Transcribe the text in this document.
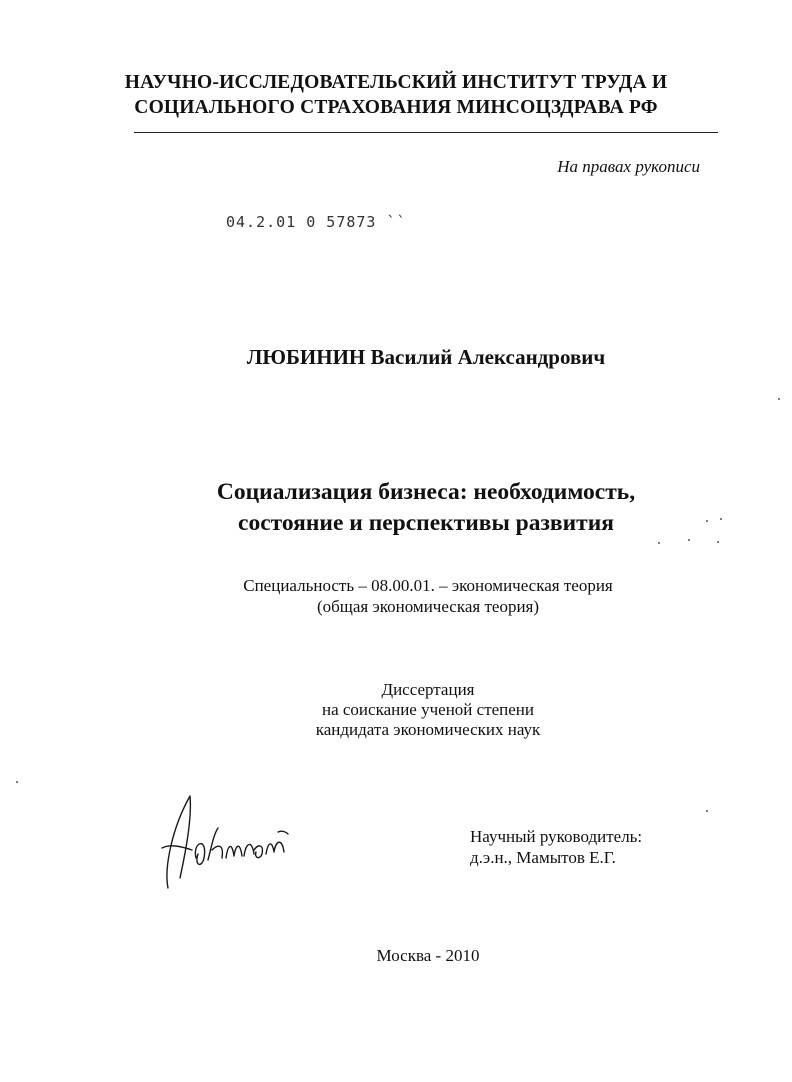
НАУЧНО-ИССЛЕДОВАТЕЛЬСКИЙ ИНСТИТУТ ТРУДА И
СОЦИАЛЬНОГО СТРАХОВАНИЯ МИНСОЦЗДРАВА РФ
На правах рукописи
04.2.01 0 57873 ``
ЛЮБИНИН Василий Александрович
Социализация бизнеса: необходимость,
состояние и перспективы развития
Специальность – 08.00.01. – экономическая теория
(общая экономическая теория)
Диссертация
на соискание ученой степени
кандидата экономических наук
Научный руководитель:
д.э.н., Мамытов Е.Г.
Москва - 2010
